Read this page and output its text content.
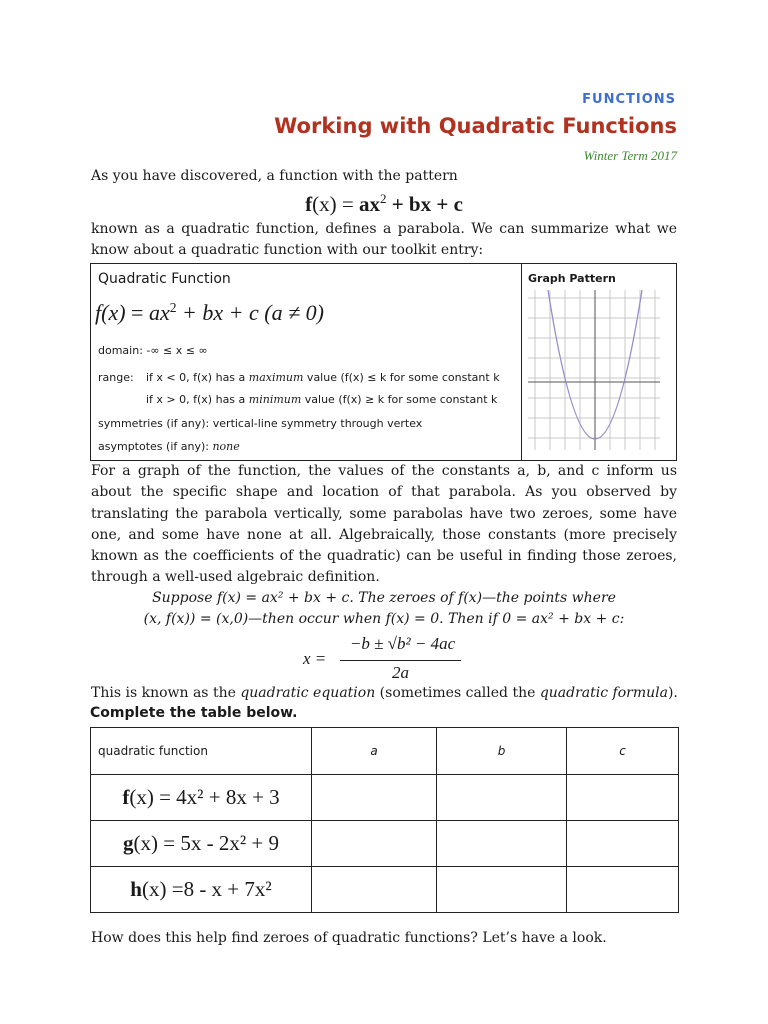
FUNCTIONS
Working with Quadratic Functions
Winter Term 2017
As you have discovered, a function with the pattern
$f(x) = ax^2$ + bx + c
known as a quadratic function, defines a parabola. We can summarize what we know about a quadratic function with our toolkit entry:
Quadratic Function
$f(x) = ax^2$ + bx + c (a ≠ 0)
domain: -∞ ≤ x ≤ ∞
range: if x < 0, f(x) has a maximum value (f(x) ≤ k for some constant k
if x > 0, f(x) has a minimum value (f(x) ≥ k for some constant k
symmetries (if any): vertical-line symmetry through vertex
asymptotes (if any): none
Graph Pattern
For a graph of the function, the values of the constants a, b, and c inform us about the specific shape and location of that parabola. As you observed by translating the parabola vertically, some parabolas have two zeroes, some have one, and some have none at all. Algebraically, those constants (more precisely known as the coefficients of the quadratic) can be useful in finding those zeroes, through a well-used algebraic definition.
Suppose f(x) = ax² + bx + c. The zeroes of f(x)—the points where
(x, f(x)) = (x,0)—then occur when f(x) = 0. Then if 0 = ax² + bx + c:
x =
−b ± √b² − 4ac
2a
This is known as the quadratic equation (sometimes called the quadratic formula).
Complete the table below.
quadratic function	a	b	c
f(x) = 4x² + 8x + 3			
g(x) = 5x - 2x² + 9			
h(x) =8 - x + 7x²			
How does this help find zeroes of quadratic functions? Let’s have a look.
